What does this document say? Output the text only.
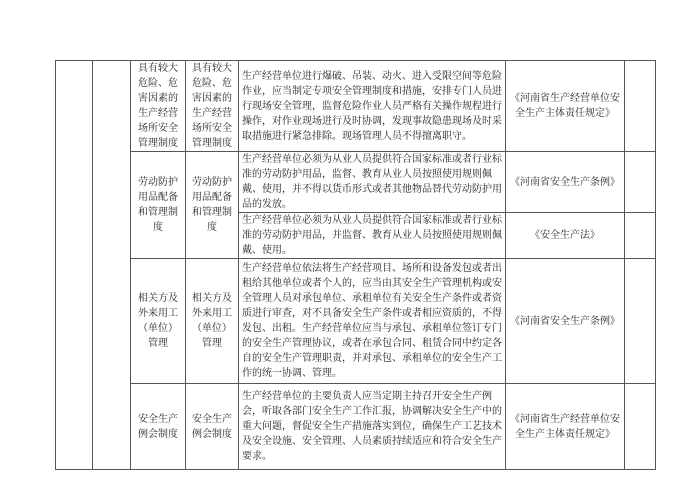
		具有较大危险、危害因素的生产经营场所安全管理制度	具有较大危险、危害因素的生产经营场所安全管理制度	生产经营单位进行爆破、吊装、动火、进入受限空间等危险作业，应当制定专项安全管理制度和措施，安排专门人员进行现场安全管理，监督危险作业人员严格有关操作规程进行操作，对作业现场进行及时协调，发现事故隐患现场及时采取措施进行紧急排除。现场管理人员不得擅离职守。	《河南省生产经营单位安全生产主体责任规定》	
		劳动防护用品配备和管理制度	劳动防护用品配备和管理制度	生产经营单位必须为从业人员提供符合国家标准或者行业标准的劳动防护用品，监督、教育从业人员按照使用规则佩戴、使用，并不得以货币形式或者其他物品替代劳动防护用品的发放。	《河南省安全生产条例》	
				生产经营单位必须为从业人员提供符合国家标准或者行业标准的劳动防护用品，并监督、教育从业人员按照使用规则佩戴、使用。	《安全生产法》	
		相关方及外来用工（单位）管理	相关方及外来用工（单位）管理	生产经营单位依法将生产经营项目、场所和设备发包或者出租给其他单位或者个人的，应当由其安全生产管理机构或安全管理人员对承包单位、承租单位有关安全生产条件或者资质进行审查，对不具备安全生产条件或者相应资质的，不得发包、出租。生产经营单位应当与承包、承租单位签订专门的安全生产管理协议，或者在承包合同、租赁合同中约定各自的安全生产管理职责，并对承包、承租单位的安全生产工作的统一协调、管理。	《河南省安全生产条例》	
		安全生产例会制度	安全生产例会制度	生产经营单位的主要负责人应当定期主持召开安全生产例会，听取各部门安全生产工作汇报，协调解决安全生产中的重大问题，督促安全生产措施落实到位，确保生产工艺技术及安全设施、安全管理、人员素质持续适应和符合安全生产要求。	《河南省生产经营单位安全生产主体责任规定》	
